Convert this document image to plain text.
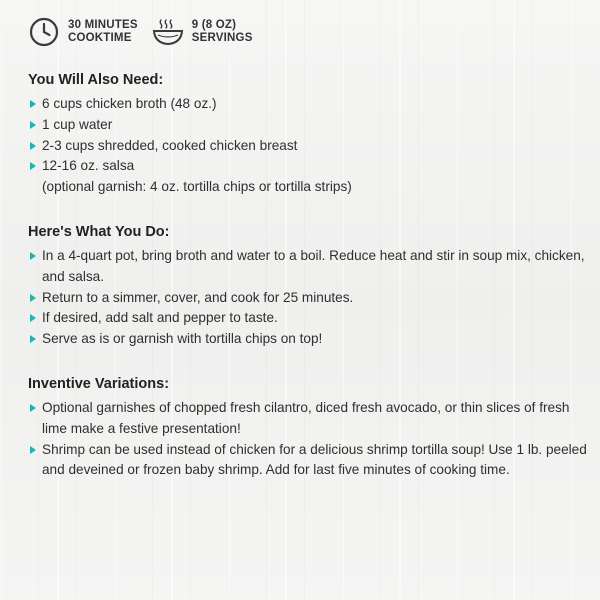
30 MINUTES
COOKTIME
9 (8 OZ)
SERVINGS
You Will Also Need:
6 cups chicken broth (48 oz.)
1 cup water
2-3 cups shredded, cooked chicken breast
12-16 oz. salsa
(optional garnish: 4 oz. tortilla chips or tortilla strips)
Here's What You Do:
In a 4-quart pot, bring broth and water to a boil. Reduce heat and stir in soup mix, chicken, and salsa.
Return to a simmer, cover, and cook for 25 minutes.
If desired, add salt and pepper to taste.
Serve as is or garnish with tortilla chips on top!
Inventive Variations:
Optional garnishes of chopped fresh cilantro, diced fresh avocado, or thin slices of fresh lime make a festive presentation!
Shrimp can be used instead of chicken for a delicious shrimp tortilla soup! Use 1 lb. peeled and deveined or frozen baby shrimp. Add for last five minutes of cooking time.
